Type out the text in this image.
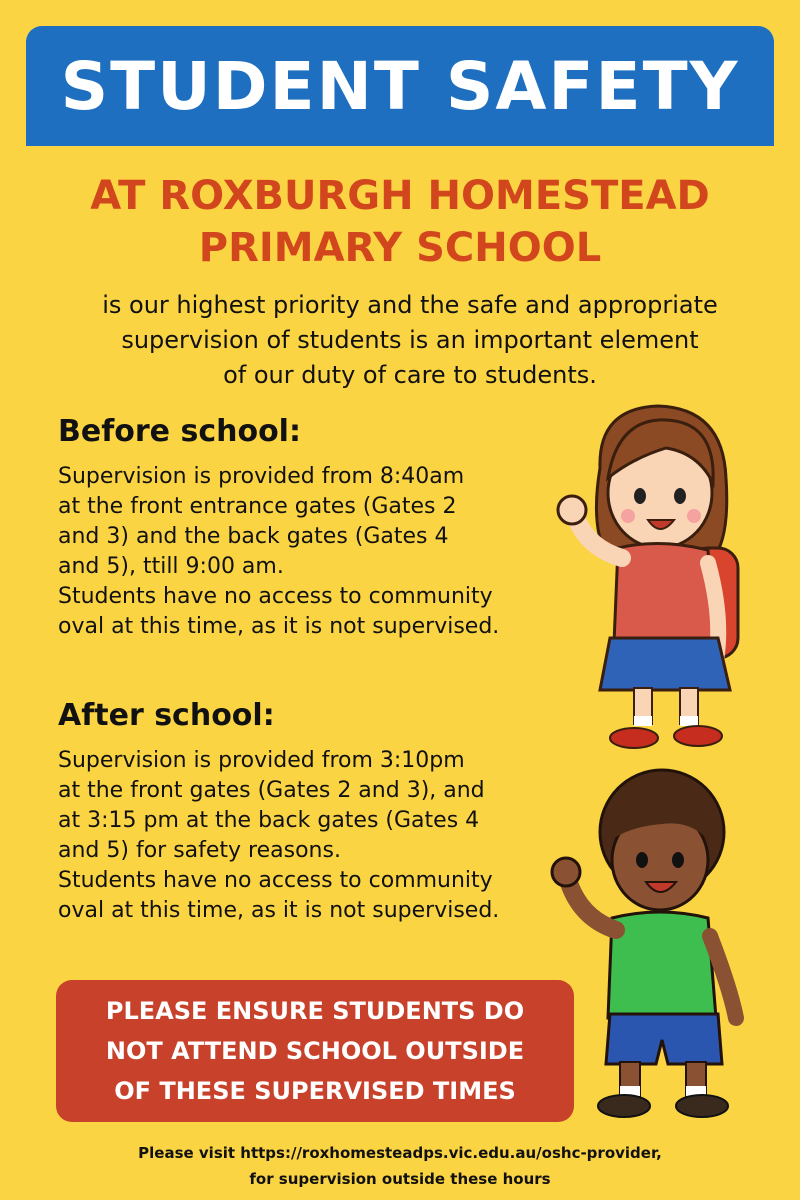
STUDENT SAFETY
AT ROXBURGH HOMESTEAD
PRIMARY SCHOOL

is our highest priority and the safe and appropriate

supervision of students is an important element

of our duty of care to students.

Before school:

Supervision is provided from 8:40am

at the front entrance gates (Gates 2

and 3) and the back gates (Gates 4

and 5), ttill 9:00 am.

Students have no access to community

oval at this time, as it is not supervised.

After school:

Supervision is provided from 3:10pm

at the front gates (Gates 2 and 3), and

at 3:15 pm at the back gates (Gates 4

and 5) for safety reasons.

Students have no access to community

oval at this time, as it is not supervised.

PLEASE ENSURE STUDENTS DO
NOT ATTEND SCHOOL OUTSIDE
OF THESE SUPERVISED TIMES
Please visit https://roxhomesteadps.vic.edu.au/oshc-provider,
for supervision outside these hours
